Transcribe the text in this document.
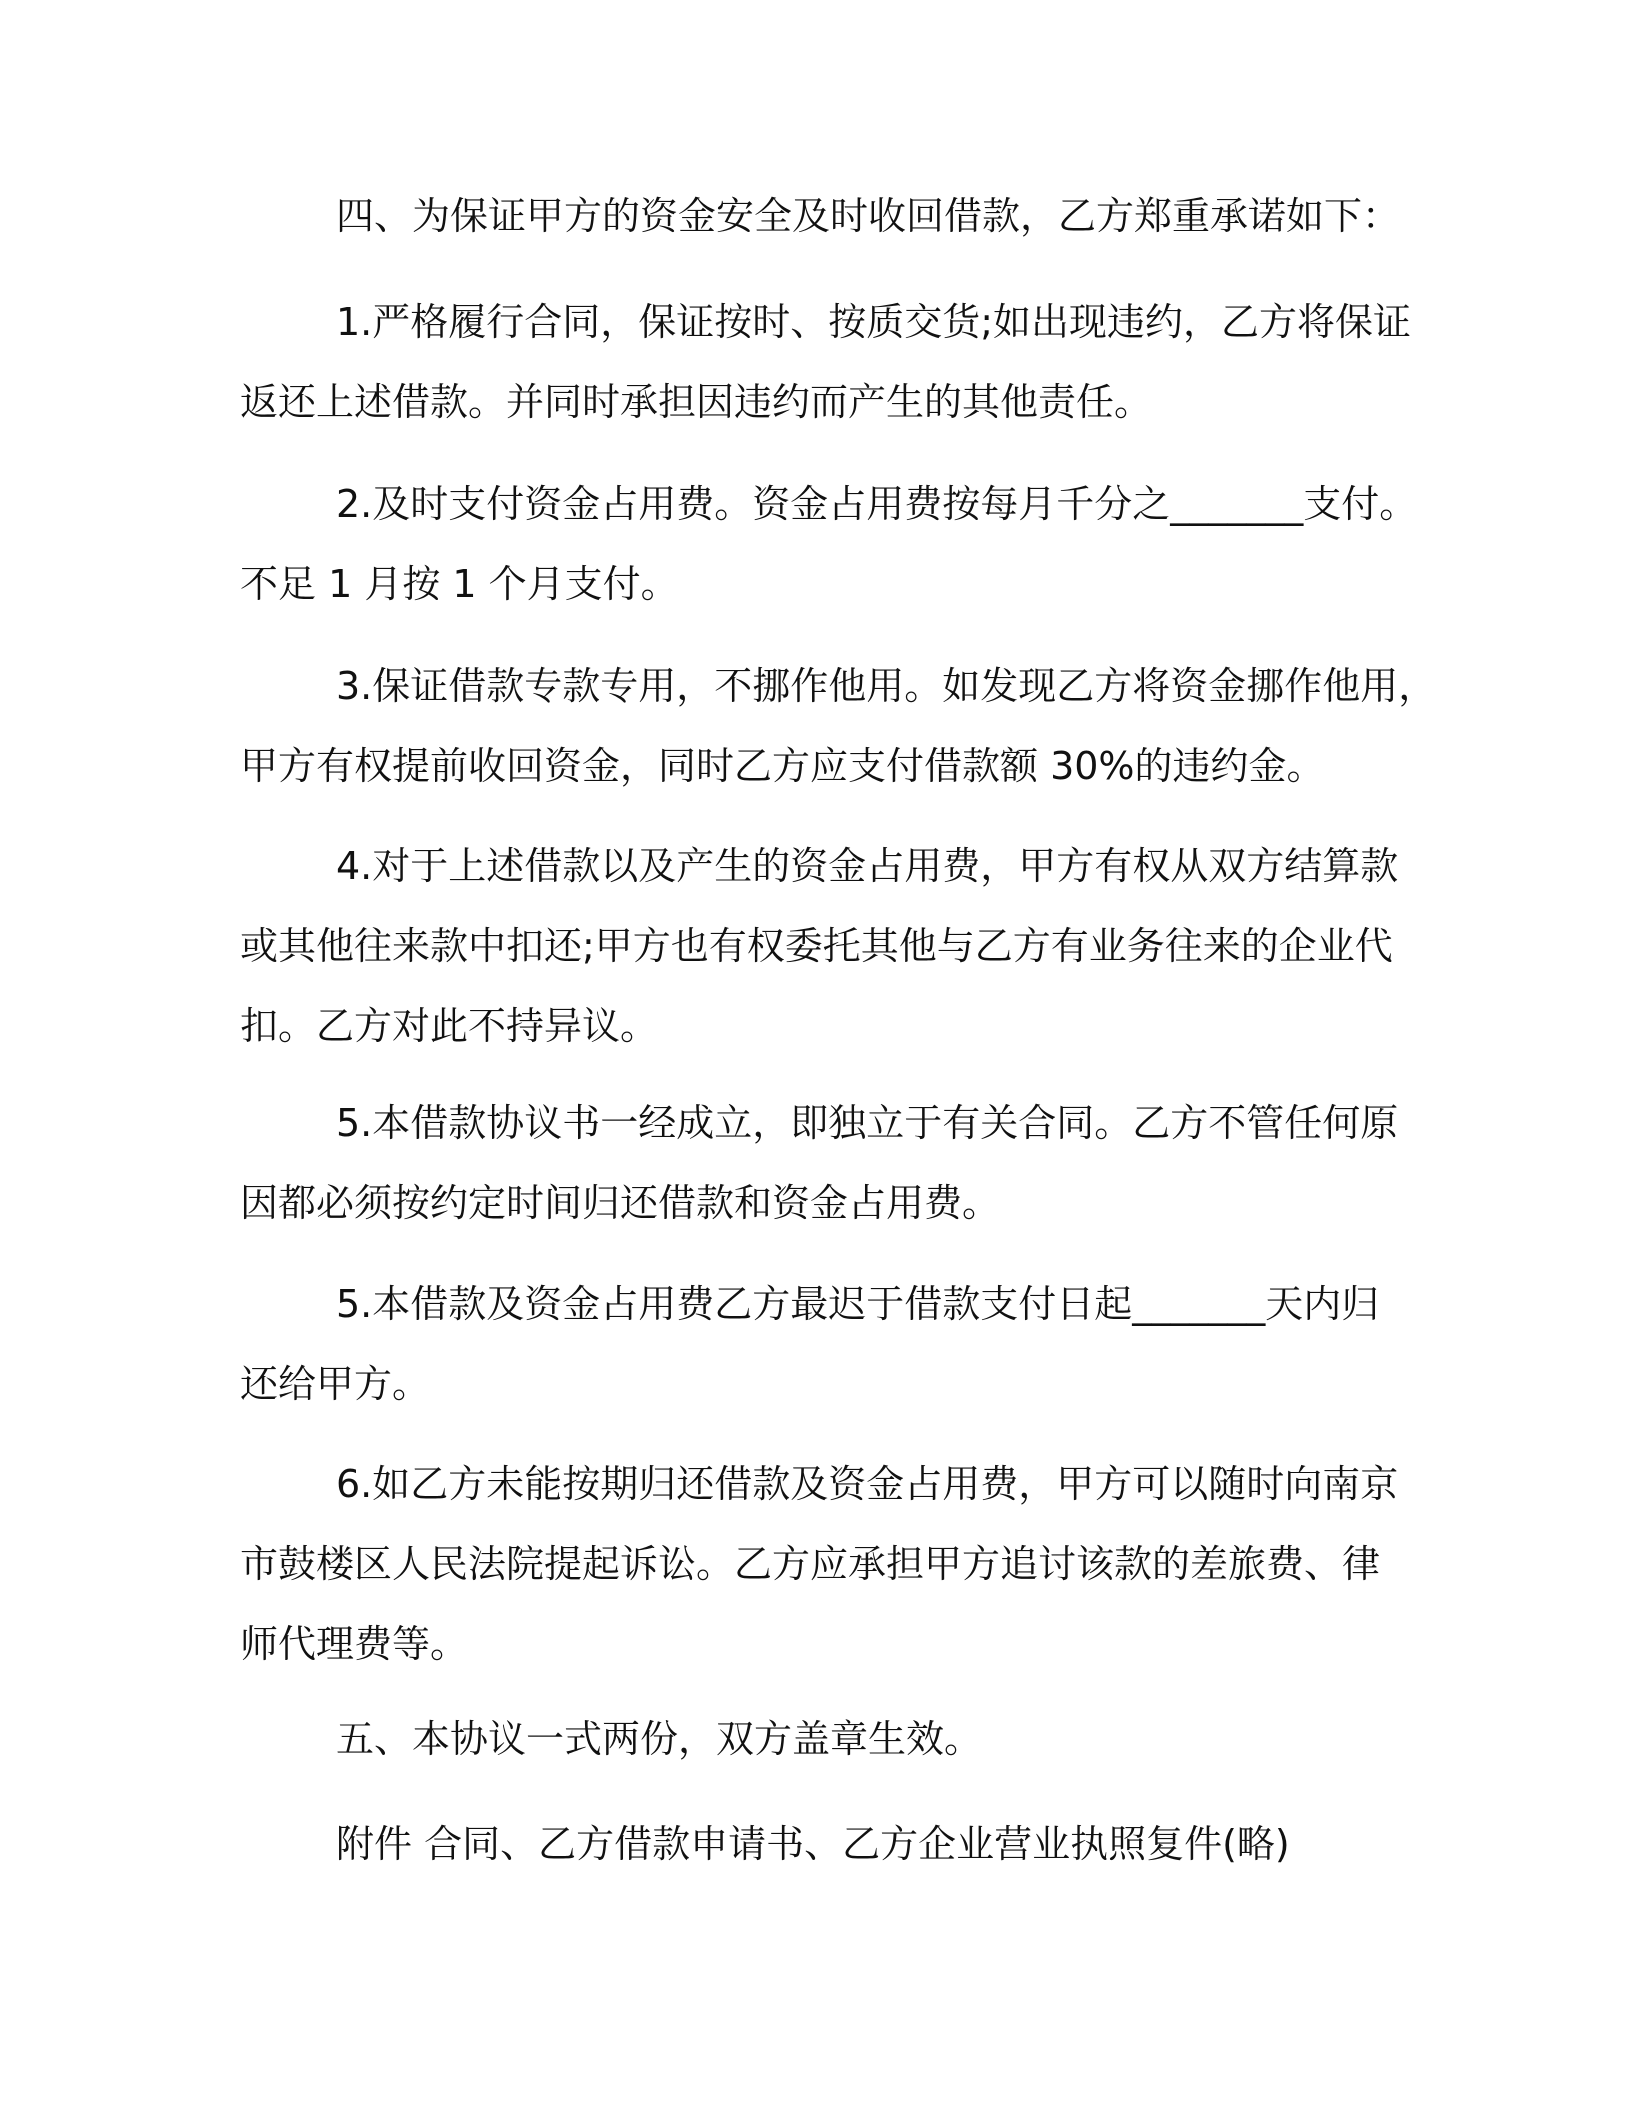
四、为保证甲方的资金安全及时收回借款，乙方郑重承诺如下：
1.严格履行合同，保证按时、按质交货;如出现违约，乙方将保证
返还上述借款。并同时承担因违约而产生的其他责任。
2.及时支付资金占用费。资金占用费按每月千分之_______支付。
不足 1 月按 1 个月支付。
3.保证借款专款专用，不挪作他用。如发现乙方将资金挪作他用，
甲方有权提前收回资金，同时乙方应支付借款额 30%的违约金。
4.对于上述借款以及产生的资金占用费，甲方有权从双方结算款
或其他往来款中扣还;甲方也有权委托其他与乙方有业务往来的企业代
扣。乙方对此不持异议。
5.本借款协议书一经成立，即独立于有关合同。乙方不管任何原
因都必须按约定时间归还借款和资金占用费。
5.本借款及资金占用费乙方最迟于借款支付日起_______天内归
还给甲方。
6.如乙方未能按期归还借款及资金占用费，甲方可以随时向南京
市鼓楼区人民法院提起诉讼。乙方应承担甲方追讨该款的差旅费、律
师代理费等。
五、本协议一式两份，双方盖章生效。
附件 合同、乙方借款申请书、乙方企业营业执照复件(略)
